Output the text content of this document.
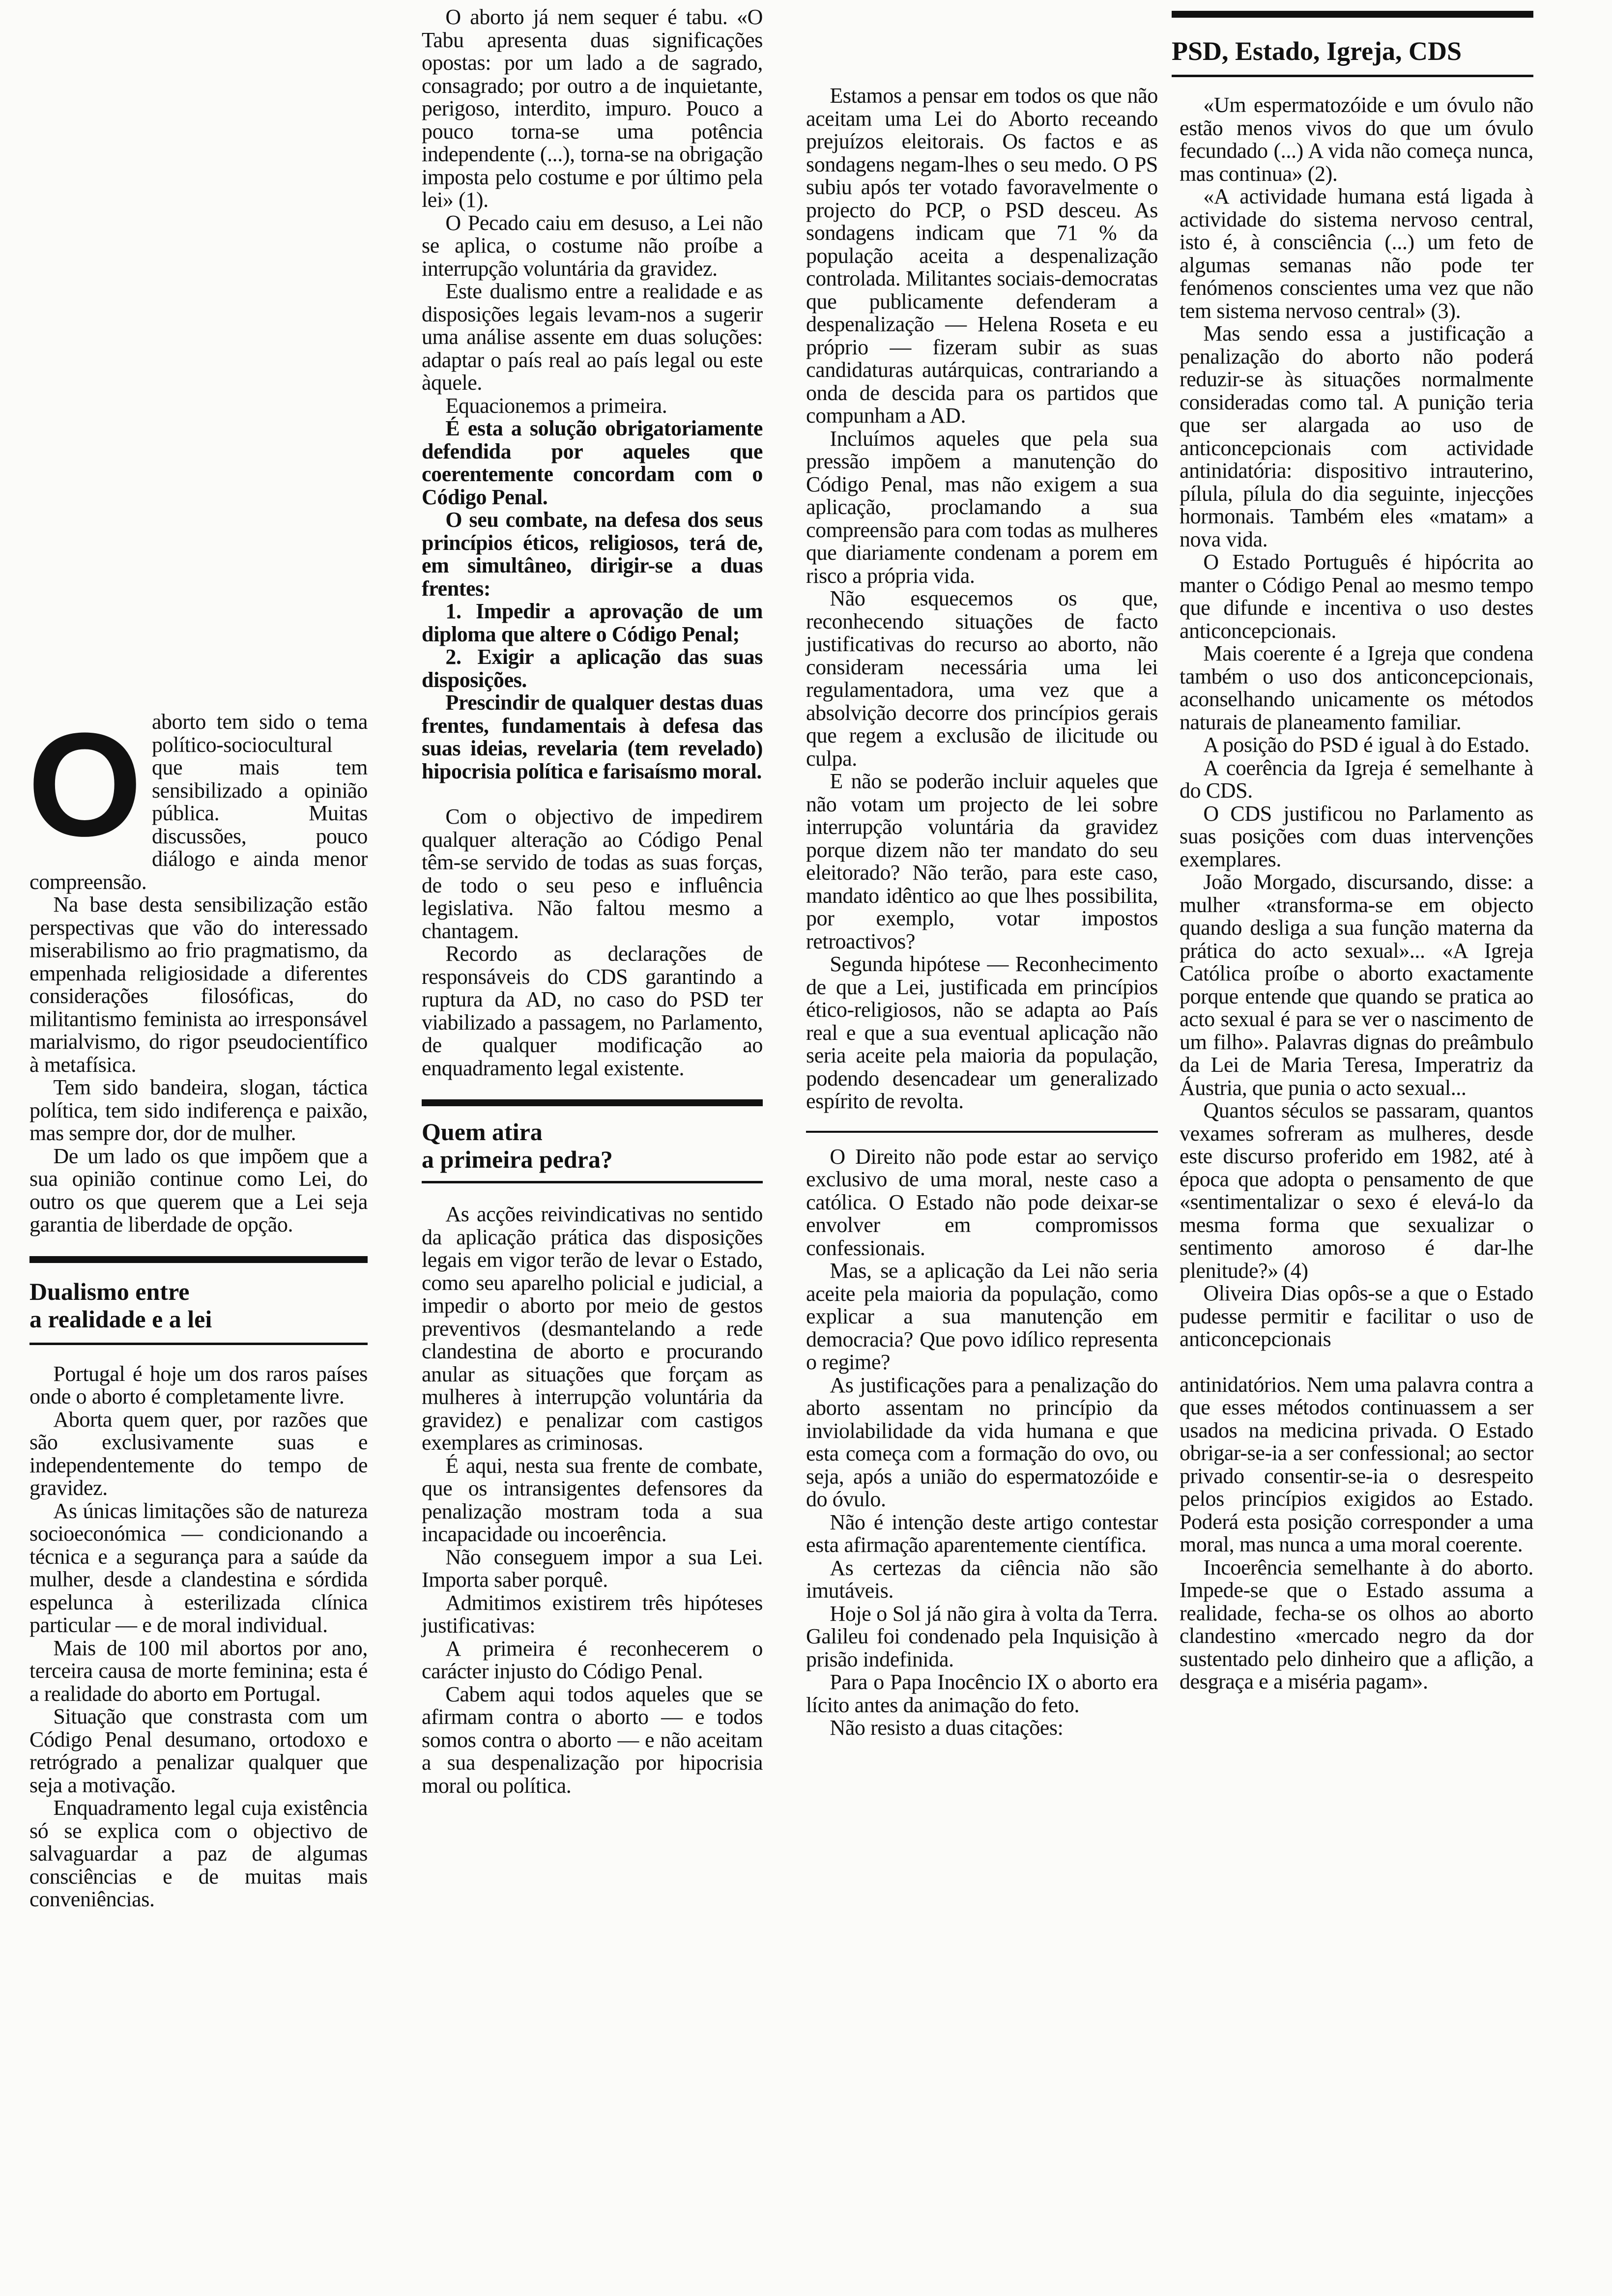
O aborto tem sido o tema político-sociocultural que mais tem sensibilizado a opinião pública. Muitas discussões, pouco diálogo e ainda menor compreensão.

Na base desta sensibilização estão perspectivas que vão do interessado miserabilismo ao frio pragmatismo, da empenhada religiosidade a diferentes considerações filosóficas, do militantismo feminista ao irresponsável marialvismo, do rigor pseudocientífico à metafísica.

Tem sido bandeira, slogan, táctica política, tem sido indiferença e paixão, mas sempre dor, dor de mulher.

De um lado os que impõem que a sua opinião continue como Lei, do outro os que querem que a Lei seja garantia de liberdade de opção.

Dualismo entre
a realidade e a lei

Portugal é hoje um dos raros países onde o aborto é completamente livre.

Aborta quem quer, por razões que são exclusivamente suas e independentemente do tempo de gravidez.

As únicas limitações são de natureza socioeconómica — condicionando a técnica e a segurança para a saúde da mulher, desde a clandestina e sórdida espelunca à esterilizada clínica particular — e de moral individual.

Mais de 100 mil abortos por ano, terceira causa de morte feminina; esta é a realidade do aborto em Portugal.

Situação que constrasta com um Código Penal desumano, ortodoxo e retrógrado a penalizar qualquer que seja a motivação.

Enquadramento legal cuja existência só se explica com o objectivo de salvaguardar a paz de algumas consciências e de muitas mais conveniências.

O aborto já nem sequer é tabu. «O Tabu apresenta duas significações opostas: por um lado a de sagrado, consagrado; por outro a de inquietante, perigoso, interdito, impuro. Pouco a pouco torna-se uma potência independente (...), torna-se na obrigação imposta pelo costume e por último pela lei» (1).

O Pecado caiu em desuso, a Lei não se aplica, o costume não proíbe a interrupção voluntária da gravidez.

Este dualismo entre a realidade e as disposições legais levam-nos a sugerir uma análise assente em duas soluções: adaptar o país real ao país legal ou este àquele.

Equacionemos a primeira.

É esta a solução obrigatoriamente defendida por aqueles que coerentemente concordam com o Código Penal.

O seu combate, na defesa dos seus princípios éticos, religiosos, terá de, em simultâneo, dirigir-se a duas frentes:

1. Impedir a aprovação de um diploma que altere o Código Penal;

2. Exigir a aplicação das suas disposições.

Prescindir de qualquer destas duas frentes, fundamentais à defesa das suas ideias, revelaria (tem revelado) hipocrisia política e farisaísmo moral.

Com o objectivo de impedirem qualquer alteração ao Código Penal têm-se servido de todas as suas forças, de todo o seu peso e influência legislativa. Não faltou mesmo a chantagem.

Recordo as declarações de responsáveis do CDS garantindo a ruptura da AD, no caso do PSD ter viabilizado a passagem, no Parlamento, de qualquer modificação ao enquadramento legal existente.

Quem atira
a primeira pedra?

As acções reivindicativas no sentido da aplicação prática das disposições legais em vigor terão de levar o Estado, como seu aparelho policial e judicial, a impedir o aborto por meio de gestos preventivos (desmantelando a rede clandestina de aborto e procurando anular as situações que forçam as mulheres à interrupção voluntária da gravidez) e penalizar com castigos exemplares as criminosas.

É aqui, nesta sua frente de combate, que os intransigentes defensores da penalização mostram toda a sua incapacidade ou incoerência.

Não conseguem impor a sua Lei. Importa saber porquê.

Admitimos existirem três hipóteses justificativas:

A primeira é reconhecerem o carácter injusto do Código Penal.

Cabem aqui todos aqueles que se afirmam contra o aborto — e todos somos contra o aborto — e não aceitam a sua despenalização por hipocrisia moral ou política.

Estamos a pensar em todos os que não aceitam uma Lei do Aborto receando prejuízos eleitorais. Os factos e as sondagens negam-lhes o seu medo. O PS subiu após ter votado favoravelmente o projecto do PCP, o PSD desceu. As sondagens indicam que 71 % da população aceita a despenalização controlada. Militantes sociais-democratas que publicamente defenderam a despenalização — Helena Roseta e eu próprio — fizeram subir as suas candidaturas autárquicas, contrariando a onda de descida para os partidos que compunham a AD.

Incluímos aqueles que pela sua pressão impõem a manutenção do Código Penal, mas não exigem a sua aplicação, proclamando a sua compreensão para com todas as mulheres que diariamente condenam a porem em risco a própria vida.

Não esquecemos os que, reconhecendo situações de facto justificativas do recurso ao aborto, não consideram necessária uma lei regulamentadora, uma vez que a absolvição decorre dos princípios gerais que regem a exclusão de ilicitude ou culpa.

E não se poderão incluir aqueles que não votam um projecto de lei sobre interrupção voluntária da gravidez porque dizem não ter mandato do seu eleitorado? Não terão, para este caso, mandato idêntico ao que lhes possibilita, por exemplo, votar impostos retroactivos?

Segunda hipótese — Reconhecimento de que a Lei, justificada em princípios ético-religiosos, não se adapta ao País real e que a sua eventual aplicação não seria aceite pela maioria da população, podendo desencadear um generalizado espírito de revolta.

O Direito não pode estar ao serviço exclusivo de uma moral, neste caso a católica. O Estado não pode deixar-se envolver em compromissos confessionais.

Mas, se a aplicação da Lei não seria aceite pela maioria da população, como explicar a sua manutenção em democracia? Que povo idílico representa o regime?

As justificações para a penalização do aborto assentam no princípio da inviolabilidade da vida humana e que esta começa com a formação do ovo, ou seja, após a união do espermatozóide e do óvulo.

Não é intenção deste artigo contestar esta afirmação aparentemente científica.

As certezas da ciência não são imutáveis.

Hoje o Sol já não gira à volta da Terra. Galileu foi condenado pela Inquisição à prisão indefinida.

Para o Papa Inocêncio IX o aborto era lícito antes da animação do feto.

Não resisto a duas citações:

PSD, Estado, Igreja, CDS

«Um espermatozóide e um óvulo não estão menos vivos do que um óvulo fecundado (...) A vida não começa nunca, mas continua» (2).

«A actividade humana está ligada à actividade do sistema nervoso central, isto é, à consciência (...) um feto de algumas semanas não pode ter fenómenos conscientes uma vez que não tem sistema nervoso central» (3).

Mas sendo essa a justificação a penalização do aborto não poderá reduzir-se às situações normalmente consideradas como tal. A punição teria que ser alargada ao uso de anticoncepcionais com actividade antinidatória: dispositivo intrauterino, pílula, pílula do dia seguinte, injecções hormonais. Também eles «matam» a nova vida.

O Estado Português é hipócrita ao manter o Código Penal ao mesmo tempo que difunde e incentiva o uso destes anticoncepcionais.

Mais coerente é a Igreja que condena também o uso dos anticoncepcionais, aconselhando unicamente os métodos naturais de planeamento familiar.

A posição do PSD é igual à do Estado.

A coerência da Igreja é semelhante à do CDS.

O CDS justificou no Parlamento as suas posições com duas intervenções exemplares.

João Morgado, discursando, disse: a mulher «transforma-se em objecto quando desliga a sua função materna da prática do acto sexual»... «A Igreja Católica proíbe o aborto exactamente porque entende que quando se pratica ao acto sexual é para se ver o nascimento de um filho». Palavras dignas do preâmbulo da Lei de Maria Teresa, Imperatriz da Áustria, que punia o acto sexual...

Quantos séculos se passaram, quantos vexames sofreram as mulheres, desde este discurso proferido em 1982, até à época que adopta o pensamento de que «sentimentalizar o sexo é elevá-lo da mesma forma que sexualizar o sentimento amoroso é dar-lhe plenitude?» (4)

Oliveira Dias opôs-se a que o Estado pudesse permitir e facilitar o uso de anticoncepcionais

antinidatórios. Nem uma palavra contra a que esses métodos continuassem a ser usados na medicina privada. O Estado obrigar-se-ia a ser confessional; ao sector privado consentir-se-ia o desrespeito pelos princípios exigidos ao Estado. Poderá esta posição corresponder a uma moral, mas nunca a uma moral coerente.

Incoerência semelhante à do aborto. Impede-se que o Estado assuma a realidade, fecha-se os olhos ao aborto clandestino «mercado negro da dor sustentado pelo dinheiro que a aflição, a desgraça e a miséria pagam».
